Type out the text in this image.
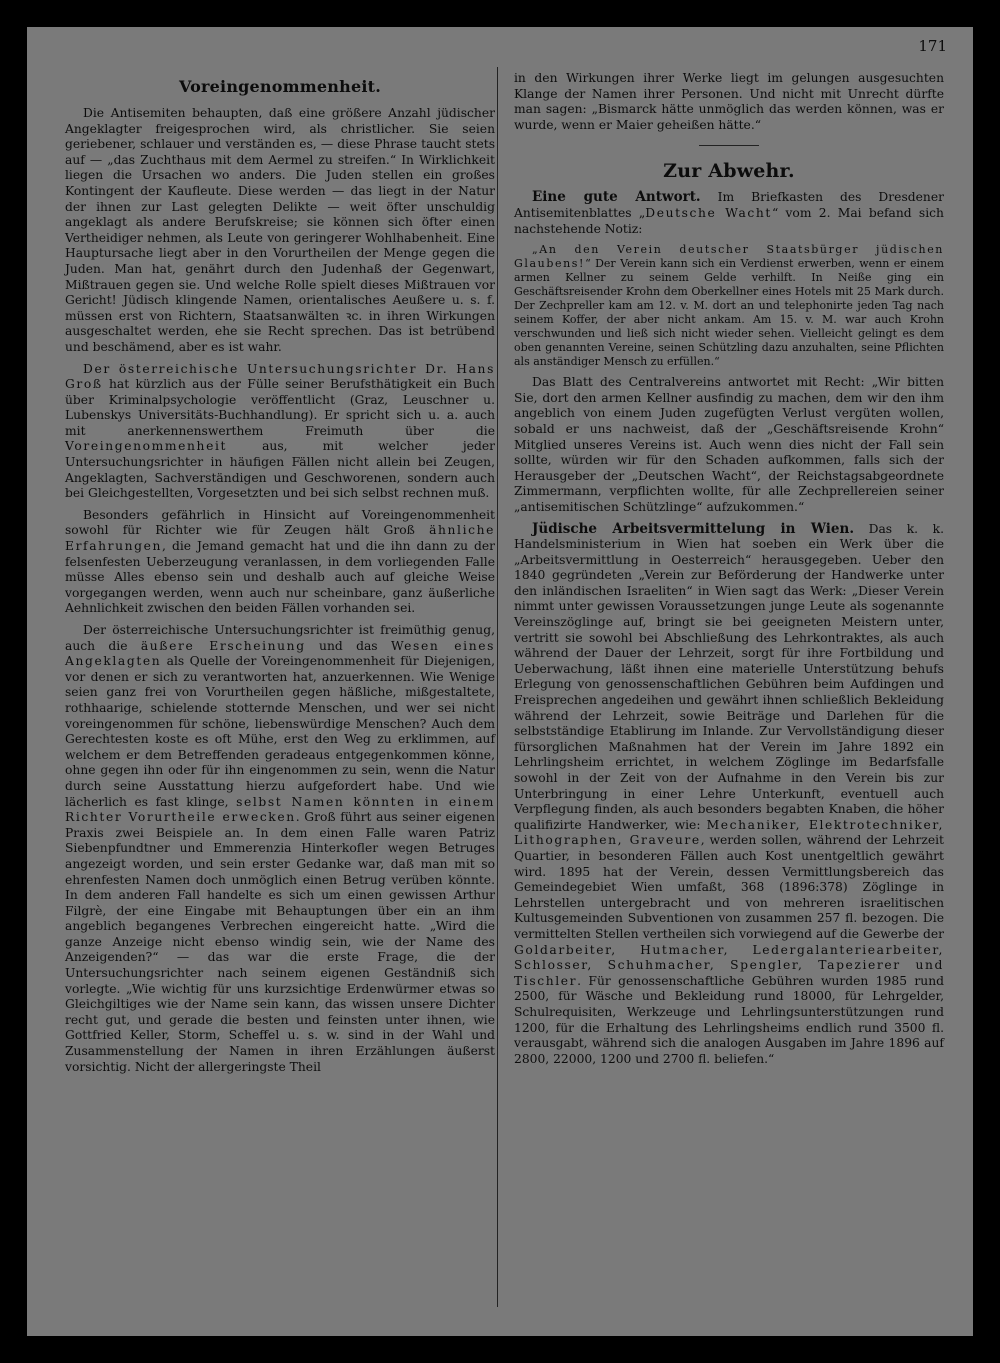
171

Voreingenommenheit.

Die Antisemiten behaupten, daß eine größere Anzahl jüdischer Angeklagter freigesprochen wird, als christlicher. Sie seien geriebener, schlauer und verständen es, — diese Phrase taucht stets auf — „das Zuchthaus mit dem Aermel zu streifen.“ In Wirklichkeit liegen die Ursachen wo anders. Die Juden stellen ein großes Kontingent der Kaufleute. Diese werden — das liegt in der Natur der ihnen zur Last gelegten Delikte — weit öfter unschuldig angeklagt als andere Berufskreise; sie können sich öfter einen Vertheidiger nehmen, als Leute von geringerer Wohlhabenheit. Eine Hauptursache liegt aber in den Vorurtheilen der Menge gegen die Juden. Man hat, genährt durch den Judenhaß der Gegenwart, Mißtrauen gegen sie. Und welche Rolle spielt dieses Mißtrauen vor Gericht! Jüdisch klingende Namen, orientalisches Aeußere u. s. f. müssen erst von Richtern, Staatsanwälten ꝛc. in ihren Wirkungen ausgeschaltet werden, ehe sie Recht sprechen. Das ist betrübend und beschämend, aber es ist wahr.

Der österreichische Untersuchungsrichter Dr. Hans Groß hat kürzlich aus der Fülle seiner Berufsthätigkeit ein Buch über Kriminalpsychologie veröffentlicht (Graz, Leuschner u. Lubenskys Universitäts-Buchhandlung). Er spricht sich u. a. auch mit anerkennenswerthem Freimuth über die Voreingenommenheit aus, mit welcher jeder Untersuchungsrichter in häufigen Fällen nicht allein bei Zeugen, Angeklagten, Sachverständigen und Geschworenen, sondern auch bei Gleichgestellten, Vorgesetzten und bei sich selbst rechnen muß.

Besonders gefährlich in Hinsicht auf Voreingenommenheit sowohl für Richter wie für Zeugen hält Groß ähnliche Erfahrungen, die Jemand gemacht hat und die ihn dann zu der felsenfesten Ueberzeugung veranlassen, in dem vorliegenden Falle müsse Alles ebenso sein und deshalb auch auf gleiche Weise vorgegangen werden, wenn auch nur scheinbare, ganz äußerliche Aehnlichkeit zwischen den beiden Fällen vorhanden sei.

Der österreichische Untersuchungsrichter ist freimüthig genug, auch die äußere Erscheinung und das Wesen eines Angeklagten als Quelle der Voreingenommenheit für Diejenigen, vor denen er sich zu verantworten hat, anzuerkennen. Wie Wenige seien ganz frei von Vorurtheilen gegen häßliche, mißgestaltete, rothhaarige, schielende stotternde Menschen, und wer sei nicht voreingenommen für schöne, liebenswürdige Menschen? Auch dem Gerechtesten koste es oft Mühe, erst den Weg zu erklimmen, auf welchem er dem Betreffenden geradeaus entgegenkommen könne, ohne gegen ihn oder für ihn eingenommen zu sein, wenn die Natur durch seine Ausstattung hierzu aufgefordert habe. Und wie lächerlich es fast klinge, selbst Namen könnten in einem Richter Vorurtheile erwecken. Groß führt aus seiner eigenen Praxis zwei Beispiele an. In dem einen Falle waren Patriz Siebenpfundtner und Emmerenzia Hinterkofler wegen Betruges angezeigt worden, und sein erster Gedanke war, daß man mit so ehrenfesten Namen doch unmöglich einen Betrug verüben könnte. In dem anderen Fall handelte es sich um einen gewissen Arthur Filgrè, der eine Eingabe mit Behauptungen über ein an ihm angeblich begangenes Verbrechen eingereicht hatte. „Wird die ganze Anzeige nicht ebenso windig sein, wie der Name des Anzeigenden?“ — das war die erste Frage, die der Untersuchungsrichter nach seinem eigenen Geständniß sich vorlegte. „Wie wichtig für uns kurzsichtige Erdenwürmer etwas so Gleichgiltiges wie der Name sein kann, das wissen unsere Dichter recht gut, und gerade die besten und feinsten unter ihnen, wie Gottfried Keller, Storm, Scheffel u. s. w. sind in der Wahl und Zusammenstellung der Namen in ihren Erzählungen äußerst vorsichtig. Nicht der allergeringste Theil

in den Wirkungen ihrer Werke liegt im gelungen ausgesuchten Klange der Namen ihrer Personen. Und nicht mit Unrecht dürfte man sagen: „Bismarck hätte unmöglich das werden können, was er wurde, wenn er Maier geheißen hätte.“

Zur Abwehr.

Eine gute Antwort. Im Briefkasten des Dresdener Antisemitenblattes „Deutsche Wacht“ vom 2. Mai befand sich nachstehende Notiz:

„An den Verein deutscher Staatsbürger jüdischen Glaubens!“ Der Verein kann sich ein Verdienst erwerben, wenn er einem armen Kellner zu seinem Gelde verhilft. In Neiße ging ein Geschäftsreisender Krohn dem Oberkellner eines Hotels mit 25 Mark durch. Der Zechpreller kam am 12. v. M. dort an und telephonirte jeden Tag nach seinem Koffer, der aber nicht ankam. Am 15. v. M. war auch Krohn verschwunden und ließ sich nicht wieder sehen. Vielleicht gelingt es dem oben genannten Vereine, seinen Schützling dazu anzuhalten, seine Pflichten als anständiger Mensch zu erfüllen.“

Das Blatt des Centralvereins antwortet mit Recht: „Wir bitten Sie, dort den armen Kellner ausfindig zu machen, dem wir den ihm angeblich von einem Juden zugefügten Verlust vergüten wollen, sobald er uns nachweist, daß der „Geschäftsreisende Krohn“ Mitglied unseres Vereins ist. Auch wenn dies nicht der Fall sein sollte, würden wir für den Schaden aufkommen, falls sich der Herausgeber der „Deutschen Wacht“, der Reichstagsabgeordnete Zimmermann, verpflichten wollte, für alle Zechprellereien seiner „antisemitischen Schützlinge“ aufzukommen.“

Jüdische Arbeitsvermittelung in Wien. Das k. k. Handelsministerium in Wien hat soeben ein Werk über die „Arbeitsvermittlung in Oesterreich“ herausgegeben. Ueber den 1840 gegründeten „Verein zur Beförderung der Handwerke unter den inländischen Israeliten“ in Wien sagt das Werk: „Dieser Verein nimmt unter gewissen Voraussetzungen junge Leute als sogenannte Vereinszöglinge auf, bringt sie bei geeigneten Meistern unter, vertritt sie sowohl bei Abschließung des Lehrkontraktes, als auch während der Dauer der Lehrzeit, sorgt für ihre Fortbildung und Ueberwachung, läßt ihnen eine materielle Unterstützung behufs Erlegung von genossenschaftlichen Gebühren beim Aufdingen und Freisprechen angedeihen und gewährt ihnen schließlich Bekleidung während der Lehrzeit, sowie Beiträge und Darlehen für die selbstständige Etablirung im Inlande. Zur Vervollständigung dieser fürsorglichen Maßnahmen hat der Verein im Jahre 1892 ein Lehrlingsheim errichtet, in welchem Zöglinge im Bedarfsfalle sowohl in der Zeit von der Aufnahme in den Verein bis zur Unterbringung in einer Lehre Unterkunft, eventuell auch Verpflegung finden, als auch besonders begabten Knaben, die höher qualifizirte Handwerker, wie: Mechaniker, Elektrotechniker, Lithographen, Graveure, werden sollen, während der Lehrzeit Quartier, in besonderen Fällen auch Kost unentgeltlich gewährt wird. 1895 hat der Verein, dessen Vermittlungsbereich das Gemeindegebiet Wien umfaßt, 368 (1896:378) Zöglinge in Lehrstellen untergebracht und von mehreren israelitischen Kultusgemeinden Subventionen von zusammen 257 fl. bezogen. Die vermittelten Stellen vertheilen sich vorwiegend auf die Gewerbe der Goldarbeiter, Hutmacher, Ledergalanteriearbeiter, Schlosser, Schuhmacher, Spengler, Tapezierer und Tischler. Für genossenschaftliche Gebühren wurden 1985 rund 2500, für Wäsche und Bekleidung rund 18000, für Lehrgelder, Schulrequisiten, Werkzeuge und Lehrlingsunterstützungen rund 1200, für die Erhaltung des Lehrlingsheims endlich rund 3500 fl. verausgabt, während sich die analogen Ausgaben im Jahre 1896 auf 2800, 22000, 1200 und 2700 fl. beliefen.“
